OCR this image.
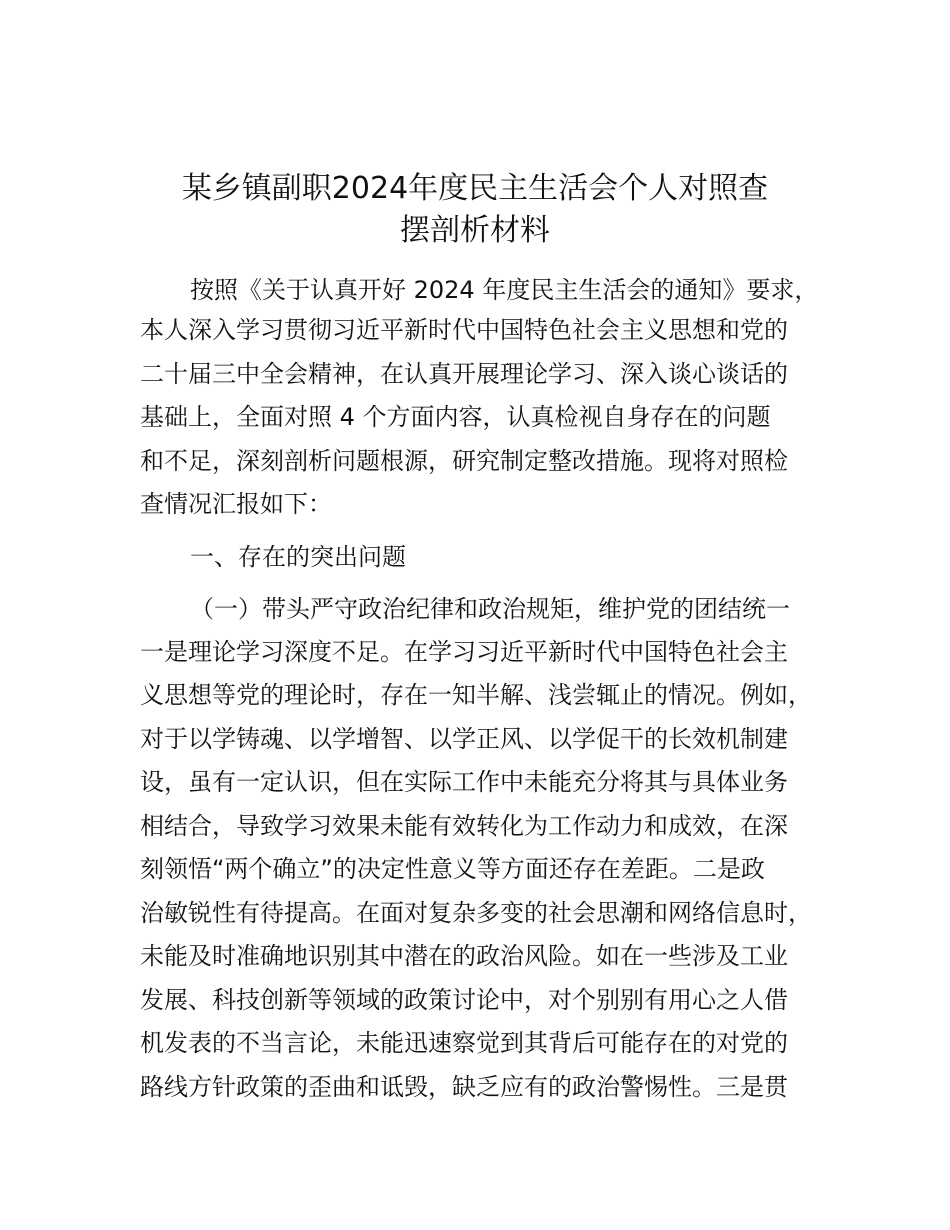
某乡镇副职2024年度民主生活会个人对照查
摆剖析材料
按照《关于认真开好 2024 年度民主生活会的通知》要求，
本人深入学习贯彻习近平新时代中国特色社会主义思想和党的
二十届三中全会精神，在认真开展理论学习、深入谈心谈话的
基础上，全面对照 4 个方面内容，认真检视自身存在的问题
和不足，深刻剖析问题根源，研究制定整改措施。现将对照检
查情况汇报如下：
一、存在的突出问题
（一）带头严守政治纪律和政治规矩，维护党的团结统一
一是理论学习深度不足。在学习习近平新时代中国特色社会主
义思想等党的理论时，存在一知半解、浅尝辄止的情况。例如，
对于以学铸魂、以学增智、以学正风、以学促干的长效机制建
设，虽有一定认识，但在实际工作中未能充分将其与具体业务
相结合，导致学习效果未能有效转化为工作动力和成效，在深
刻领悟“两个确立”的决定性意义等方面还存在差距。二是政
治敏锐性有待提高。在面对复杂多变的社会思潮和网络信息时，
未能及时准确地识别其中潜在的政治风险。如在一些涉及工业
发展、科技创新等领域的政策讨论中，对个别别有用心之人借
机发表的不当言论，未能迅速察觉到其背后可能存在的对党的
路线方针政策的歪曲和诋毁，缺乏应有的政治警惕性。三是贯
